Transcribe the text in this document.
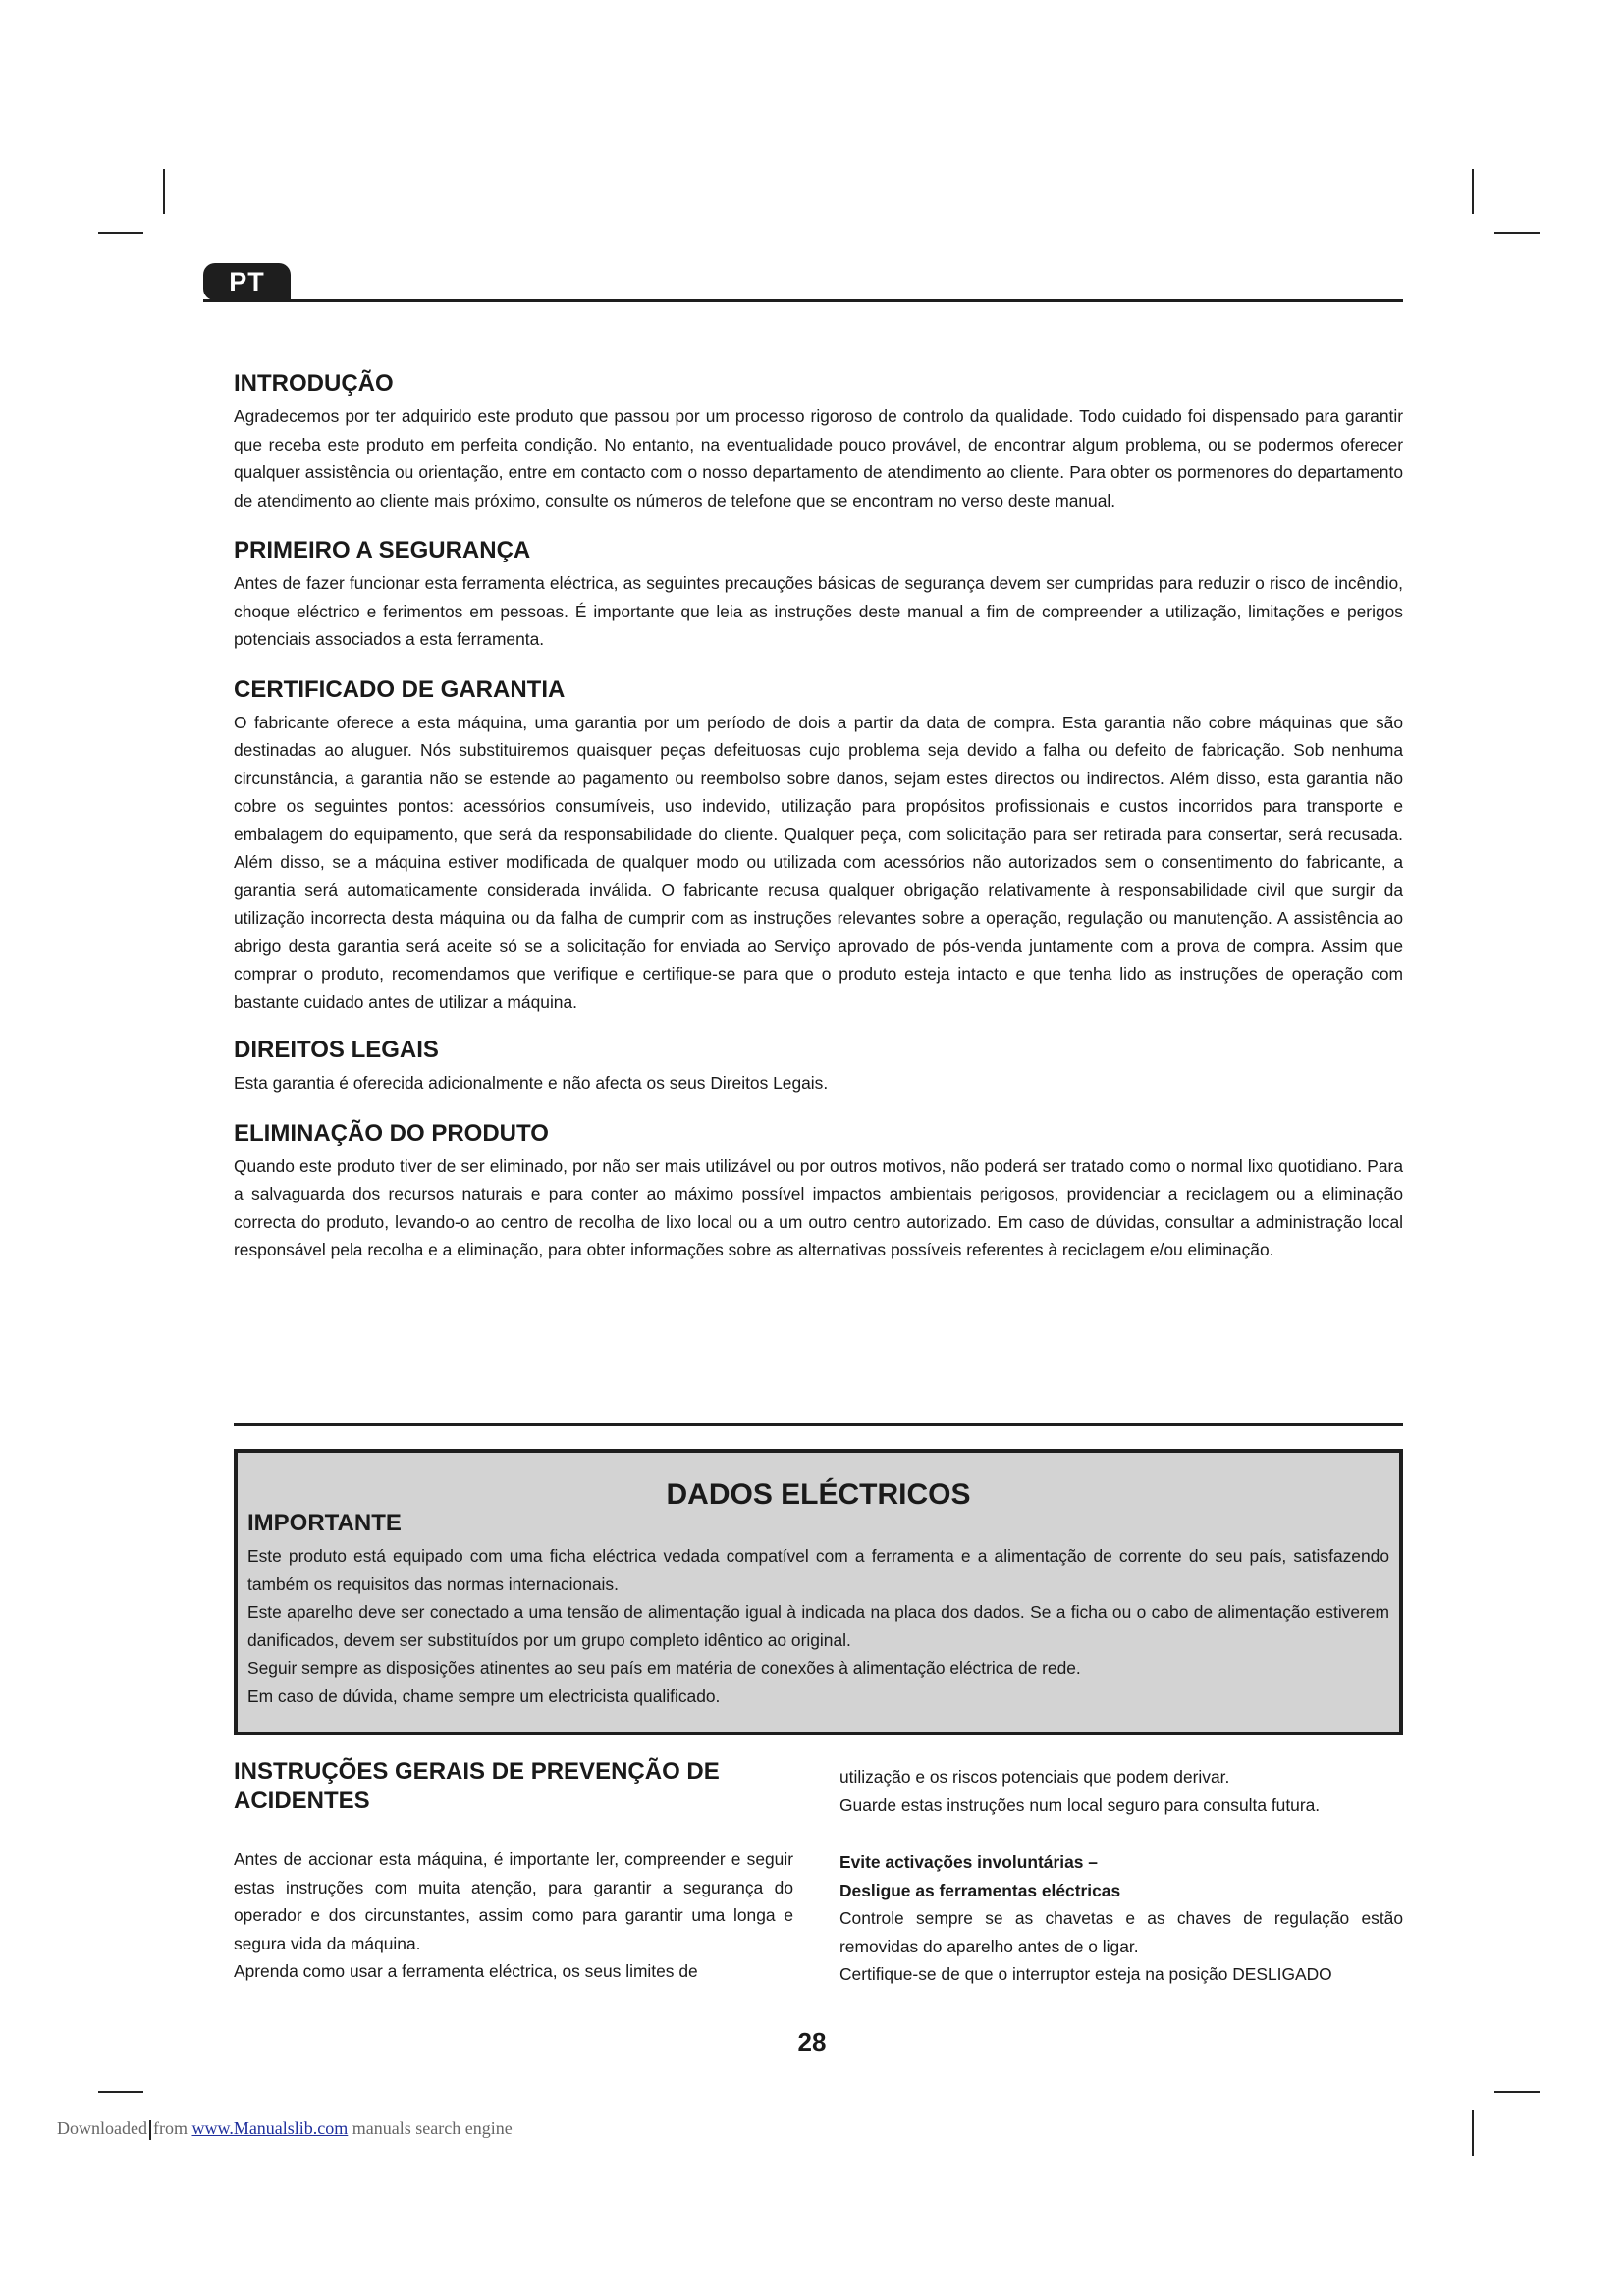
PT
INTRODUÇÃO

Agradecemos por ter adquirido este produto que passou por um processo rigoroso de controlo da qualidade. Todo cuidado foi dispensado para garantir que receba este produto em perfeita condição. No entanto, na eventualidade pouco provável, de encontrar algum problema, ou se podermos oferecer qualquer assistência ou orientação, entre em contacto com o nosso departamento de atendimento ao cliente. Para obter os pormenores do departamento de atendimento ao cliente mais próximo, consulte os números de telefone que se encontram no verso deste manual.

PRIMEIRO A SEGURANÇA

Antes de fazer funcionar esta ferramenta eléctrica, as seguintes precauções básicas de segurança devem ser cumpridas para reduzir o risco de incêndio, choque eléctrico e ferimentos em pessoas. É importante que leia as instruções deste manual a fim de compreender a utilização, limitações e perigos potenciais associados a esta ferramenta.

CERTIFICADO DE GARANTIA

O fabricante oferece a esta máquina, uma garantia por um período de dois a partir da data de compra. Esta garantia não cobre máquinas que são destinadas ao aluguer. Nós substituiremos quaisquer peças defeituosas cujo problema seja devido a falha ou defeito de fabricação. Sob nenhuma circunstância, a garantia não se estende ao pagamento ou reembolso sobre danos, sejam estes directos ou indirectos. Além disso, esta garantia não cobre os seguintes pontos: acessórios consumíveis, uso indevido, utilização para propósitos profissionais e custos incorridos para transporte e embalagem do equipamento, que será da responsabilidade do cliente. Qualquer peça, com solicitação para ser retirada para consertar, será recusada. Além disso, se a máquina estiver modificada de qualquer modo ou utilizada com acessórios não autorizados sem o consentimento do fabricante, a garantia será automaticamente considerada inválida. O fabricante recusa qualquer obrigação relativamente à responsabilidade civil que surgir da utilização incorrecta desta máquina ou da falha de cumprir com as instruções relevantes sobre a operação, regulação ou manutenção. A assistência ao abrigo desta garantia será aceite só se a solicitação for enviada ao Serviço aprovado de pós-venda juntamente com a prova de compra. Assim que comprar o produto, recomendamos que verifique e certifique-se para que o produto esteja intacto e que tenha lido as instruções de operação com bastante cuidado antes de utilizar a máquina.

DIREITOS LEGAIS

Esta garantia é oferecida adicionalmente e não afecta os seus Direitos Legais.

ELIMINAÇÃO DO PRODUTO

Quando este produto tiver de ser eliminado, por não ser mais utilizável ou por outros motivos, não poderá ser tratado como o normal lixo quotidiano. Para a salvaguarda dos recursos naturais e para conter ao máximo possível impactos ambientais perigosos, providenciar a reciclagem ou a eliminação correcta do produto, levando-o ao centro de recolha de lixo local ou a um outro centro autorizado. Em caso de dúvidas, consultar a administração local responsável pela recolha e a eliminação, para obter informações sobre as alternativas possíveis referentes à reciclagem e/ou eliminação.

DADOS ELÉCTRICOS
IMPORTANTE

Este produto está equipado com uma ficha eléctrica vedada compatível com a ferramenta e a alimentação de corrente do seu país, satisfazendo também os requisitos das normas internacionais.

Este aparelho deve ser conectado a uma tensão de alimentação igual à indicada na placa dos dados. Se a ficha ou o cabo de alimentação estiverem danificados, devem ser substituídos por um grupo completo idêntico ao original.

Seguir sempre as disposições atinentes ao seu país em matéria de conexões à alimentação eléctrica de rede.

Em caso de dúvida, chame sempre um electricista qualificado.

INSTRUÇÕES GERAIS DE PREVENÇÃO DE
ACIDENTES

Antes de accionar esta máquina, é importante ler, compreender e seguir estas instruções com muita atenção, para garantir a segurança do operador e dos circunstantes, assim como para garantir uma longa e segura vida da máquina.

Aprenda como usar a ferramenta eléctrica, os seus limites de

utilização e os riscos potenciais que podem derivar.

Guarde estas instruções num local seguro para consulta futura.

Evite activações involuntárias –

Desligue as ferramentas eléctricas

Controle sempre se as chavetas e as chaves de regulação estão removidas do aparelho antes de o ligar.

Certifique-se de que o interruptor esteja na posição DESLIGADO

28
Downloaded from www.Manualslib.com manuals search engine
